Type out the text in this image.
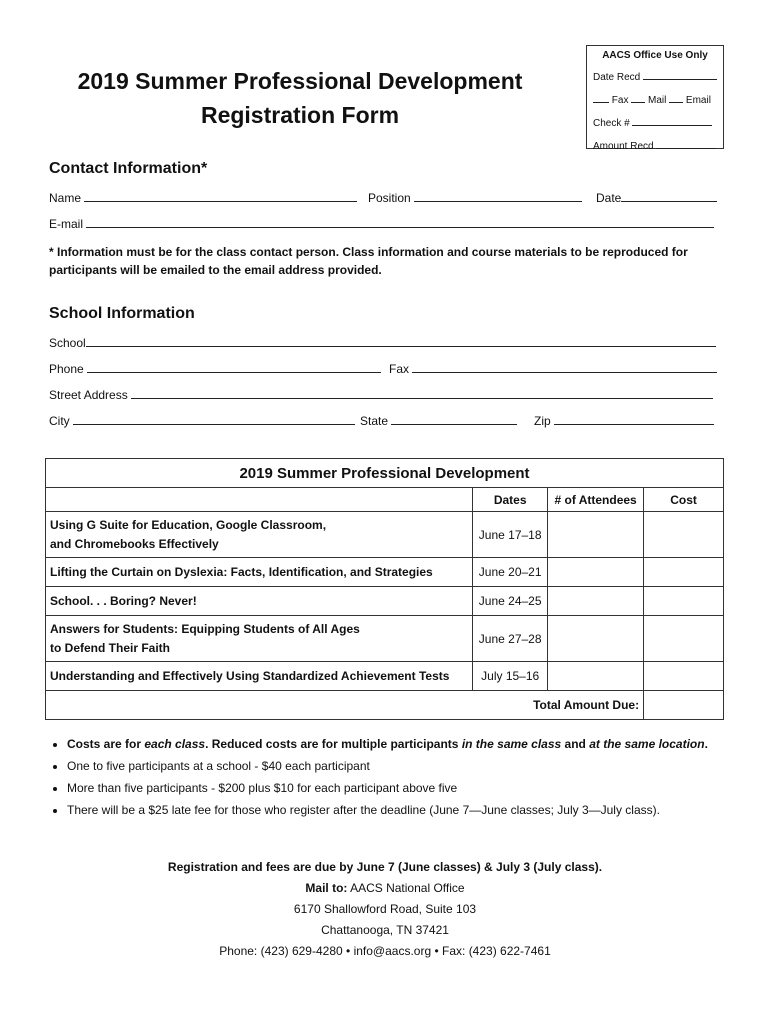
2019 Summer Professional Development
Registration Form
AACS Office Use Only
Date Recd
Fax Mail Email
Check #
Amount Recd
Contact Information*
Name	Position	Date
E-mail
* Information must be for the class contact person. Class information and course materials to be reproduced for participants will be emailed to the email address provided.
School Information
School
Phone	Fax
Street Address
City	State	Zip
2019 Summer Professional Development			
	Dates	# of Attendees	Cost
Using G Suite for Education, Google Classroom,
and Chromebooks Effectively	June 17–18		
Lifting the Curtain on Dyslexia: Facts, Identification, and Strategies	June 20–21		
School. . . Boring? Never!	June 24–25		
Answers for Students: Equipping Students of All Ages
to Defend Their Faith	June 27–28		
Understanding and Effectively Using Standardized Achievement Tests	July 15–16		
Total Amount Due:			
• Costs are for each class. Reduced costs are for multiple participants in the same class and at the same location.
• One to five participants at a school - $40 each participant
• More than five participants - $200 plus $10 for each participant above five
• There will be a $25 late fee for those who register after the deadline (June 7—June classes; July 3—July class).
Registration and fees are due by June 7 (June classes) & July 3 (July class).
Mail to: AACS National Office
6170 Shallowford Road, Suite 103
Chattanooga, TN 37421
Phone: (423) 629-4280 • info@aacs.org • Fax: (423) 622-7461
